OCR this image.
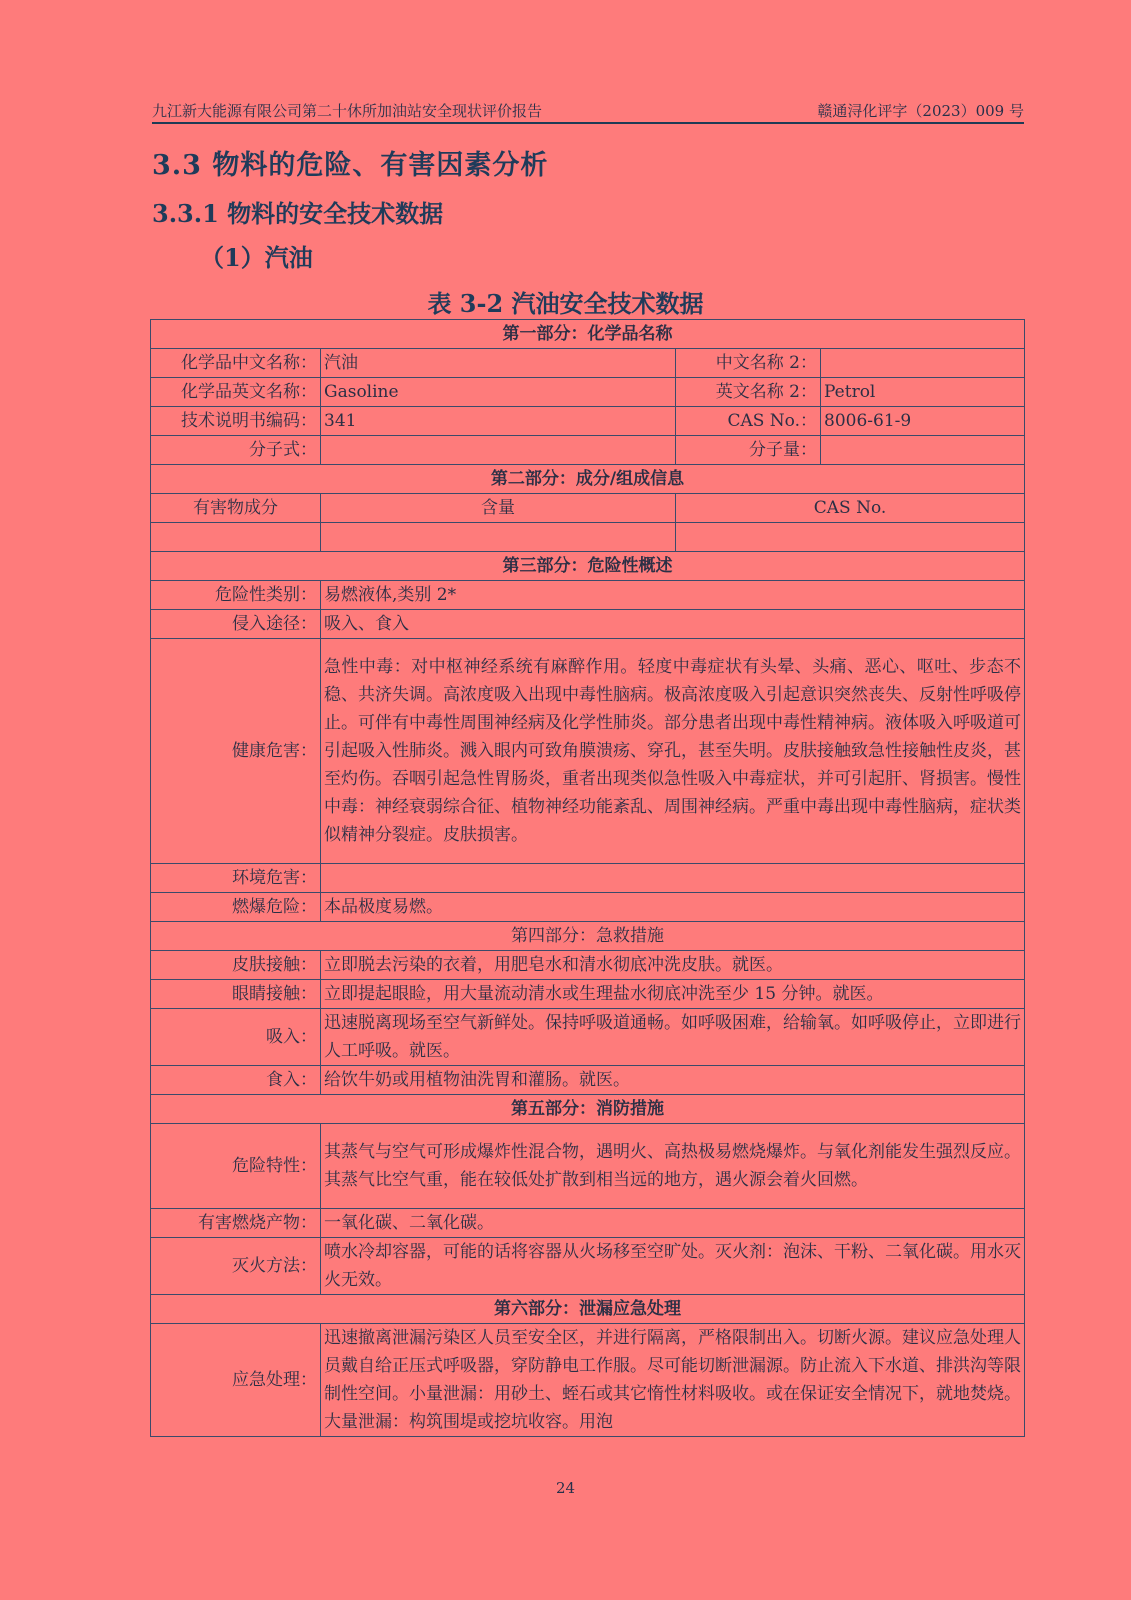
九江新大能源有限公司第二十休所加油站安全现状评价报告	赣通浔化评字（2023）009 号
3.3 物料的危险、有害因素分析
3.3.1 物料的安全技术数据
（1）汽油
表 3-2 汽油安全技术数据
第一部分：化学品名称			
化学品中文名称：	汽油	中文名称 2：	
化学品英文名称：	Gasoline	英文名称 2：	Petrol
技术说明书编码：	341	CAS No.：	8006-61-9
分子式：		分子量：	
第二部分：成分/组成信息			
有害物成分	含量	CAS No.	

第三部分：危险性概述			
危险性类别：	易燃液体,类别 2*		
侵入途径：	吸入、食入		
健康危害：	急性中毒：对中枢神经系统有麻醉作用。轻度中毒症状有头晕、头痛、恶心、呕吐、步态不稳、共济失调。高浓度吸入出现中毒性脑病。极高浓度吸入引起意识突然丧失、反射性呼吸停止。可伴有中毒性周围神经病及化学性肺炎。部分患者出现中毒性精神病。液体吸入呼吸道可引起吸入性肺炎。溅入眼内可致角膜溃疡、穿孔，甚至失明。皮肤接触致急性接触性皮炎，甚至灼伤。吞咽引起急性胃肠炎，重者出现类似急性吸入中毒症状，并可引起肝、肾损害。慢性中毒：神经衰弱综合征、植物神经功能紊乱、周围神经病。严重中毒出现中毒性脑病，症状类似精神分裂症。皮肤损害。		
环境危害：			
燃爆危险：	本品极度易燃。		
第四部分：急救措施			
皮肤接触：	立即脱去污染的衣着，用肥皂水和清水彻底冲洗皮肤。就医。		
眼睛接触：	立即提起眼睑，用大量流动清水或生理盐水彻底冲洗至少 15 分钟。就医。		
吸入：	迅速脱离现场至空气新鲜处。保持呼吸道通畅。如呼吸困难，给输氧。如呼吸停止，立即进行人工呼吸。就医。		
食入：	给饮牛奶或用植物油洗胃和灌肠。就医。		
第五部分：消防措施			
危险特性：	其蒸气与空气可形成爆炸性混合物，遇明火、高热极易燃烧爆炸。与氧化剂能发生强烈反应。其蒸气比空气重，能在较低处扩散到相当远的地方，遇火源会着火回燃。		
有害燃烧产物：	一氧化碳、二氧化碳。		
灭火方法：	喷水冷却容器，可能的话将容器从火场移至空旷处。灭火剂：泡沫、干粉、二氧化碳。用水灭火无效。		
第六部分：泄漏应急处理			
应急处理：	迅速撤离泄漏污染区人员至安全区，并进行隔离，严格限制出入。切断火源。建议应急处理人员戴自给正压式呼吸器，穿防静电工作服。尽可能切断泄漏源。防止流入下水道、排洪沟等限制性空间。小量泄漏：用砂土、蛭石或其它惰性材料吸收。或在保证安全情况下，就地焚烧。大量泄漏：构筑围堤或挖坑收容。用泡		
24
